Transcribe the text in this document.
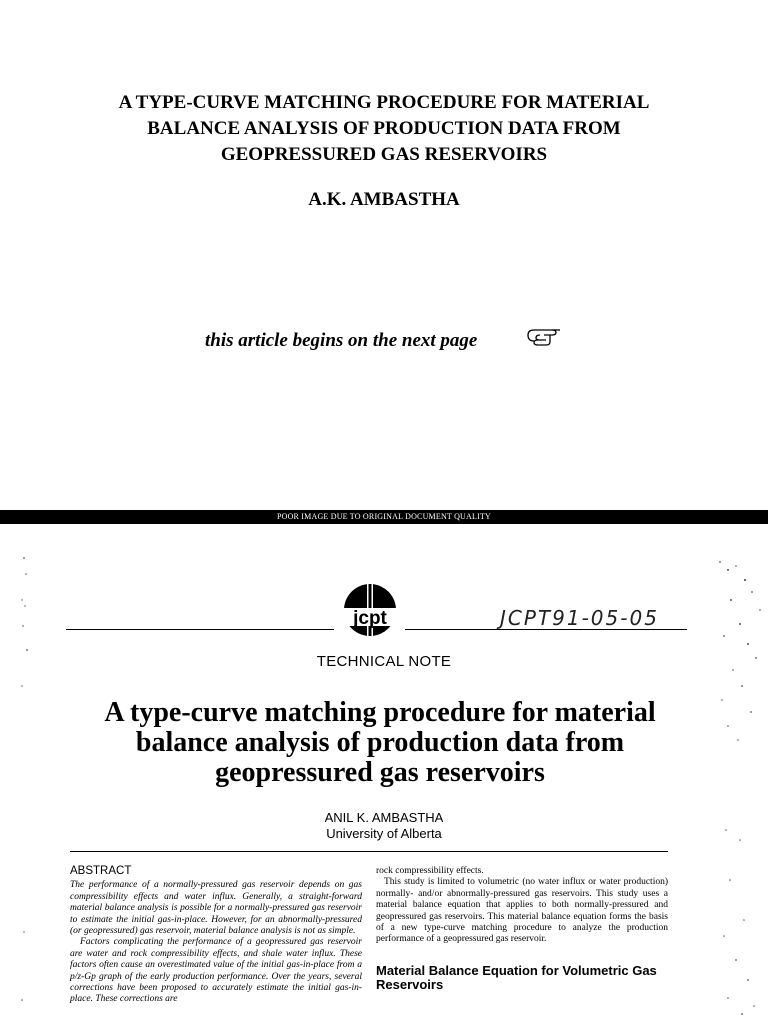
A TYPE-CURVE MATCHING PROCEDURE FOR MATERIAL
BALANCE ANALYSIS OF PRODUCTION DATA FROM
GEOPRESSURED GAS RESERVOIRS
A.K. AMBASTHA
this article begins on the next page
POOR IMAGE DUE TO ORIGINAL DOCUMENT QUALITY
jcpt	JCPT91-05-05
TECHNICAL NOTE
A type-curve matching procedure for material
balance analysis of production data from
geopressured gas reservoirs
ANIL K. AMBASTHA
University of Alberta
ABSTRACT

The performance of a normally-pressured gas reservoir depends on gas compressibility effects and water influx. Generally, a straight-forward material balance analysis is possible for a normally-pressured gas reservoir to estimate the initial gas-in-place. However, for an abnormally-pressured (or geopressured) gas reservoir, material balance analysis is not as simple.

Factors complicating the performance of a geopressured gas reservoir are water and rock compressibility effects, and shale water influx. These factors often cause an overestimated value of the initial gas-in-place from a p/z-Gp graph of the early production performance. Over the years, several corrections have been proposed to accurately estimate the initial gas-in-place. These corrections are

rock compressibility effects.

This study is limited to volumetric (no water influx or water production) normally- and/or abnormally-pressured gas reservoirs. This study uses a material balance equation that applies to both normally-pressured and geopressured gas reservoirs. This material balance equation forms the basis of a new type-curve matching procedure to analyze the production performance of a geopressured gas reservoir.

Material Balance Equation for Volumetric Gas Reservoirs
